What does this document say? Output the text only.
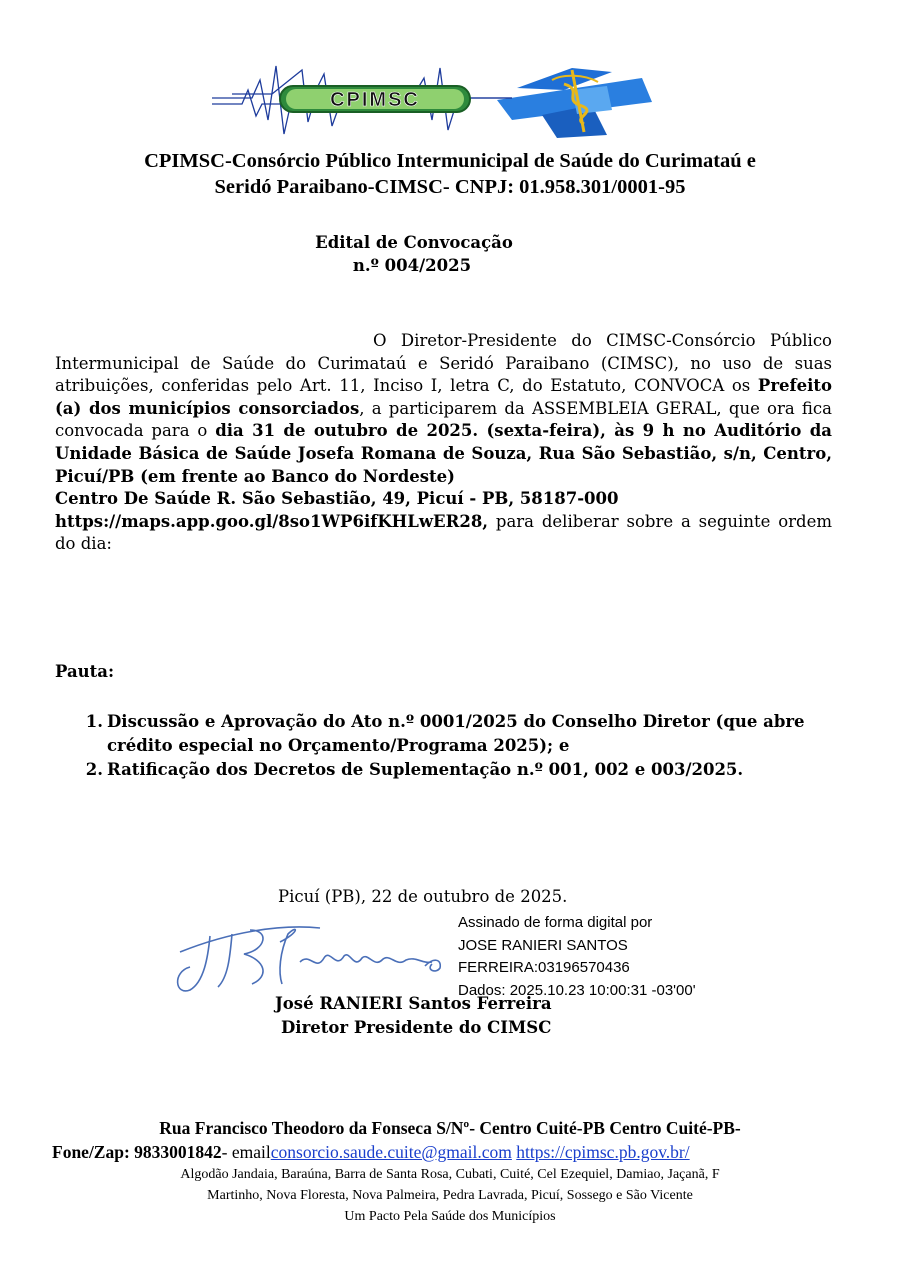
CPIMSC
CPIMSC-Consórcio Público Intermunicipal de Saúde do Curimataú e
Seridó Paraibano-CIMSC- CNPJ: 01.958.301/0001-95
Edital de Convocação
n.º 004/2025

O Diretor-Presidente do CIMSC-Consórcio Público Intermunicipal de Saúde do Curimataú e Seridó Paraibano (CIMSC), no uso de suas atribuições, conferidas pelo Art. 11, Inciso I, letra C, do Estatuto, CONVOCA os Prefeito (a) dos municípios consorciados, a participarem da ASSEMBLEIA GERAL, que ora fica convocada para o dia 31 de outubro de 2025. (sexta-feira), às 9 h no Auditório da Unidade Básica de Saúde Josefa Romana de Souza, Rua São Sebastião, s/n, Centro, Picuí/PB (em frente ao Banco do Nordeste)

Centro De Saúde R. São Sebastião, 49, Picuí - PB, 58187-000

https://maps.app.goo.gl/8so1WP6ifKHLwER28, para deliberar sobre a seguinte ordem do dia:

Pauta:
1. Discussão e Aprovação do Ato n.º 0001/2025 do Conselho Diretor (que abre crédito especial no Orçamento/Programa 2025); e
2. Ratificação dos Decretos de Suplementação n.º 001, 002 e 003/2025.
Picuí (PB), 22 de outubro de 2025.
Assinado de forma digital por
JOSE RANIERI SANTOS
FERREIRA:03196570436
Dados: 2025.10.23 10:00:31 -03'00'
José RANIERI Santos Ferreira
Diretor Presidente do CIMSC
Rua Francisco Theodoro da Fonseca S/Nº- Centro Cuité-PB Centro Cuité-PB-
Fone/Zap: 9833001842- emailconsorcio.saude.cuite@gmail.com https://cpimsc.pb.gov.br/
Algodão Jandaia, Baraúna, Barra de Santa Rosa, Cubati, Cuité, Cel Ezequiel, Damiao, Jaçanã, F
Martinho, Nova Floresta, Nova Palmeira, Pedra Lavrada, Picuí, Sossego e São Vicente
Um Pacto Pela Saúde dos Municípios
